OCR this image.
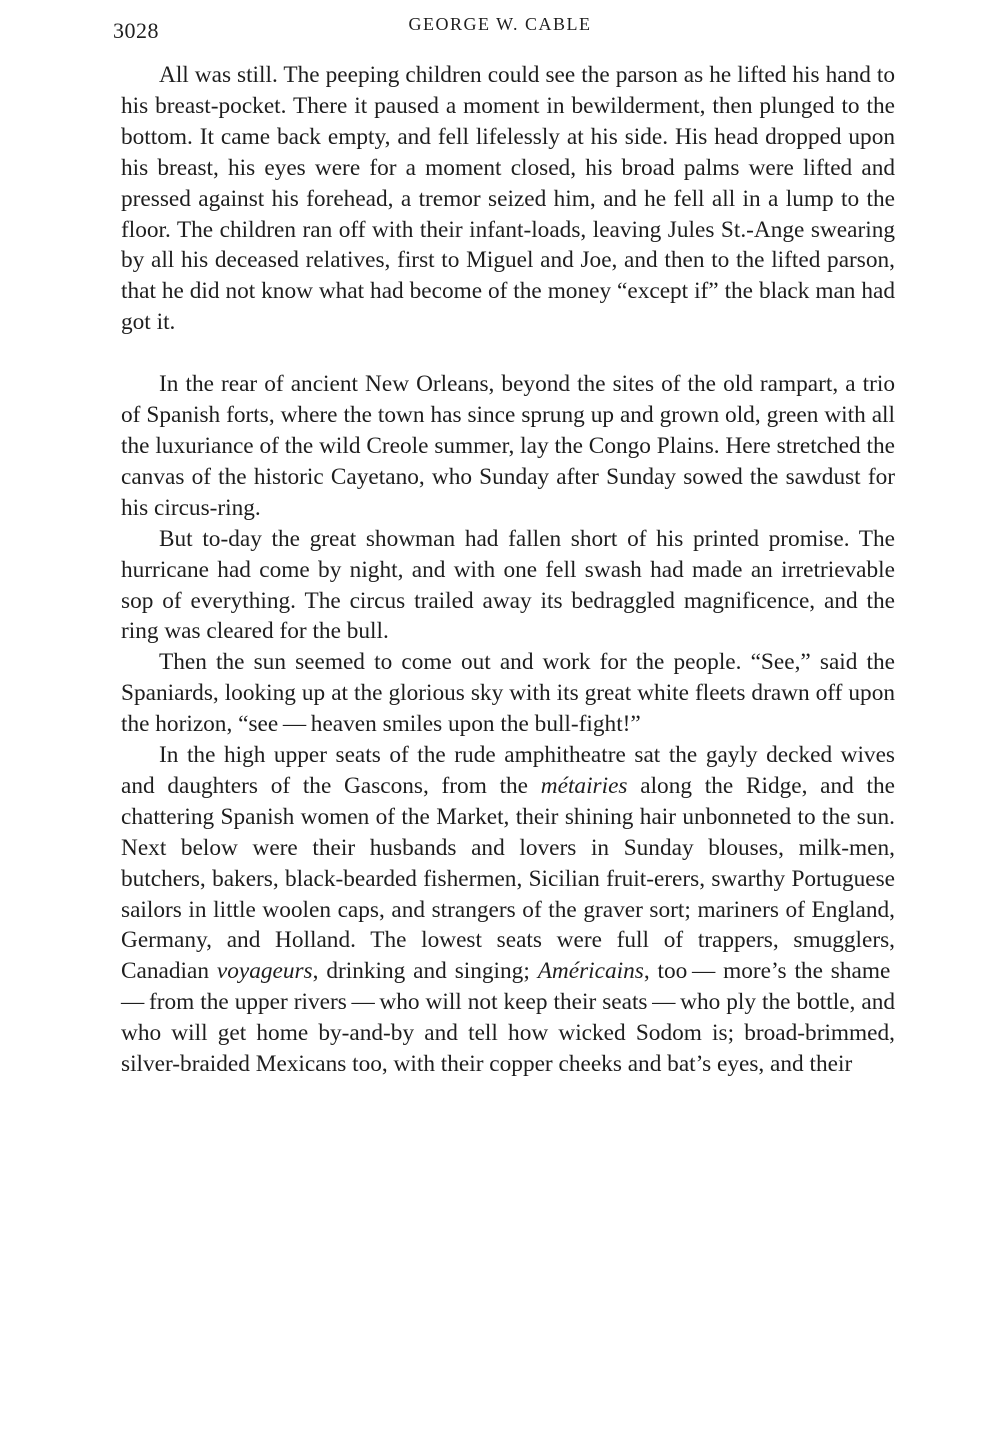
3028	GEORGE W. CABLE

All was still. The peeping children could see the parson as he lifted his hand to his breast-pocket. There it paused a moment in bewilderment, then plunged to the bottom. It came back empty, and fell lifelessly at his side. His head dropped upon his breast, his eyes were for a moment closed, his broad palms were lifted and pressed against his forehead, a tremor seized him, and he fell all in a lump to the floor. The children ran off with their infant-loads, leaving Jules St.-Ange swearing by all his deceased relatives, first to Miguel and Joe, and then to the lifted parson, that he did not know what had become of the money “except if” the black man had got it.

In the rear of ancient New Orleans, beyond the sites of the old rampart, a trio of Spanish forts, where the town has since sprung up and grown old, green with all the luxuriance of the wild Creole summer, lay the Congo Plains. Here stretched the canvas of the historic Cayetano, who Sunday after Sunday sowed the sawdust for his circus-ring.

But to-day the great showman had fallen short of his printed promise. The hurricane had come by night, and with one fell swash had made an irretrievable sop of everything. The circus trailed away its bedraggled magnificence, and the ring was cleared for the bull.

Then the sun seemed to come out and work for the people. “See,” said the Spaniards, looking up at the glorious sky with its great white fleets drawn off upon the horizon, “see — heaven smiles upon the bull-fight!”

In the high upper seats of the rude amphitheatre sat the gayly decked wives and daughters of the Gascons, from the métairies along the Ridge, and the chattering Spanish women of the Market, their shining hair unbonneted to the sun. Next below were their husbands and lovers in Sunday blouses, milk-men, butchers, bakers, black-bearded fishermen, Sicilian fruit-erers, swarthy Portuguese sailors in little woolen caps, and strangers of the graver sort; mariners of England, Germany, and Holland. The lowest seats were full of trappers, smugglers, Canadian voyageurs, drinking and singing; Américains, too — more’s the shame — from the upper rivers — who will not keep their seats — who ply the bottle, and who will get home by-and-by and tell how wicked Sodom is; broad-brimmed, silver-braided Mexicans too, with their copper cheeks and bat’s eyes, and their
